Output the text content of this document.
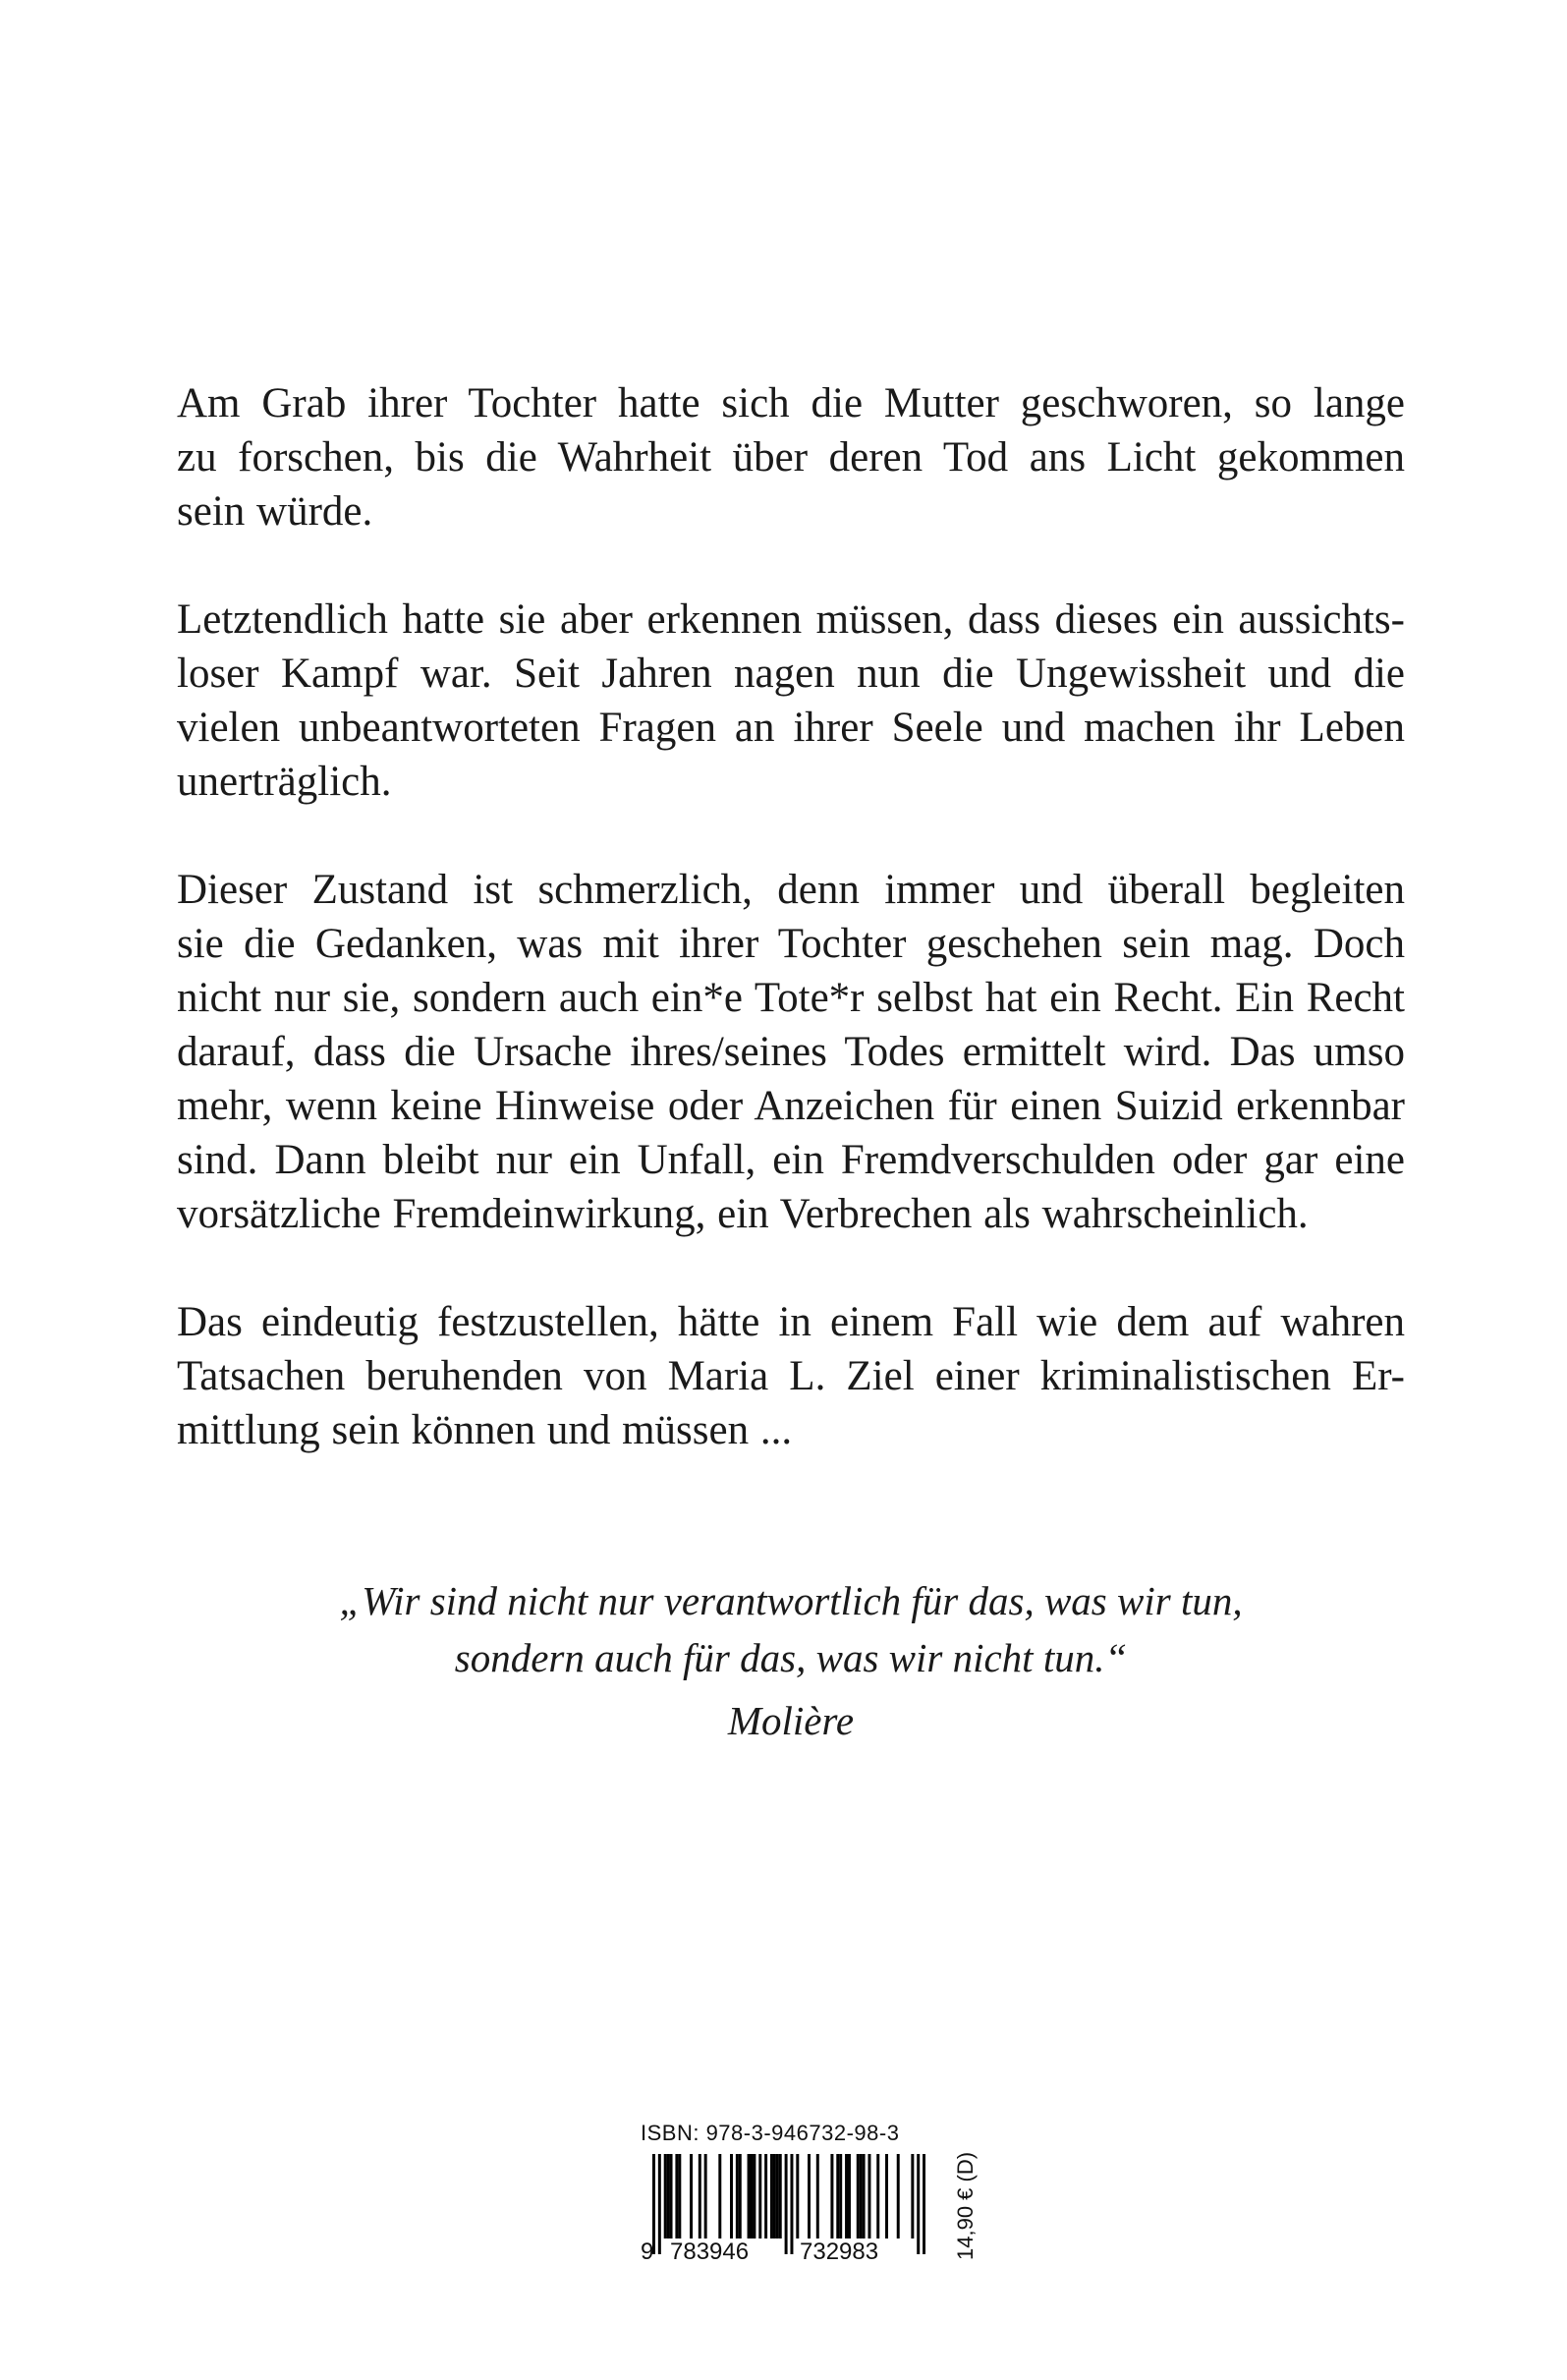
Am Grab ihrer Tochter hatte sich die Mutter geschworen, so lange
zu forschen, bis die Wahrheit über deren Tod ans Licht gekommen
sein würde.

Letztendlich hatte sie aber erkennen müssen, dass dieses ein aussichts-
loser Kampf war. Seit Jahren nagen nun die Ungewissheit und die
vielen unbeantworteten Fragen an ihrer Seele und machen ihr Leben
unerträglich.

Dieser Zustand ist schmerzlich, denn immer und überall begleiten
sie die Gedanken, was mit ihrer Tochter geschehen sein mag. Doch
nicht nur sie, sondern auch ein*e Tote*r selbst hat ein Recht. Ein Recht
darauf, dass die Ursache ihres/seines Todes ermittelt wird. Das umso
mehr, wenn keine Hinweise oder Anzeichen für einen Suizid erkennbar
sind. Dann bleibt nur ein Unfall, ein Fremdverschulden oder gar eine
vorsätzliche Fremdeinwirkung, ein Verbrechen als wahrscheinlich.

Das eindeutig festzustellen, hätte in einem Fall wie dem auf wahren
Tatsachen beruhenden von Maria L. Ziel einer kriminalistischen Er-
mittlung sein können und müssen ...

„Wir sind nicht nur verantwortlich für das, was wir tun,
sondern auch für das, was wir nicht tun.“
Molière
ISBN: 978-3-946732-98-3
9 783946 732983	14,90 € (D)
